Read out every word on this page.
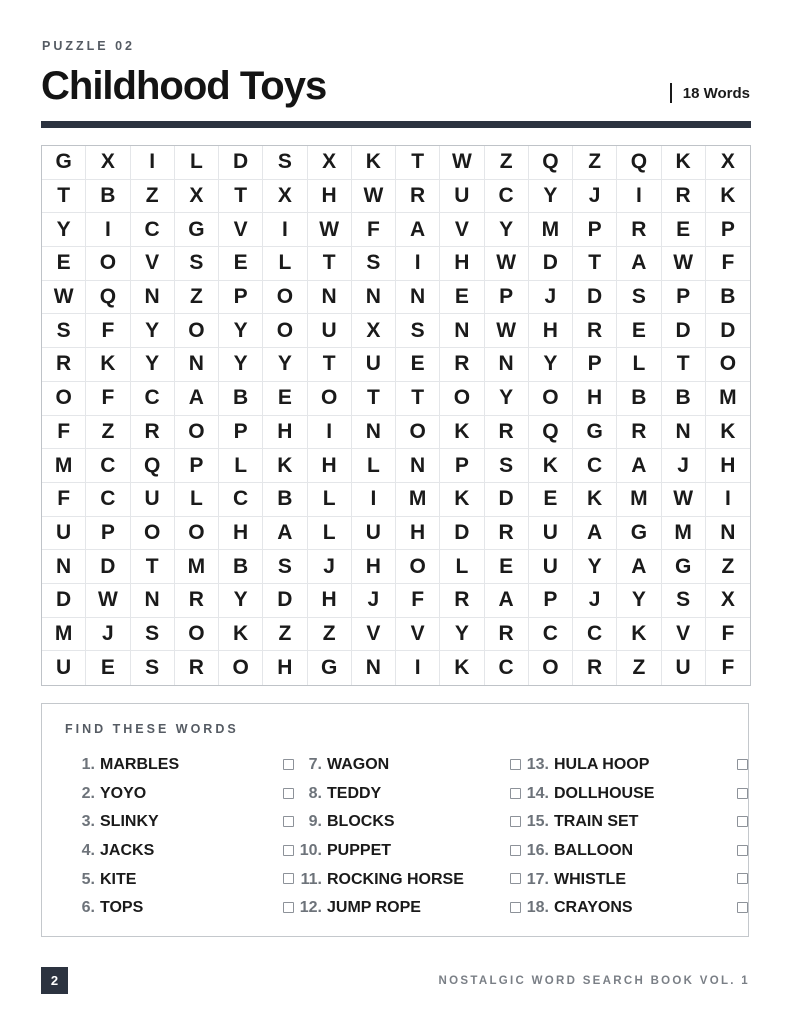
PUZZLE 02
Childhood Toys	18 Words
G	X	I	L	D	S	X	K	T	W	Z	Q	Z	Q	K	X
T	B	Z	X	T	X	H	W	R	U	C	Y	J	I	R	K
Y	I	C	G	V	I	W	F	A	V	Y	M	P	R	E	P
E	O	V	S	E	L	T	S	I	H	W	D	T	A	W	F
W	Q	N	Z	P	O	N	N	N	E	P	J	D	S	P	B
S	F	Y	O	Y	O	U	X	S	N	W	H	R	E	D	D
R	K	Y	N	Y	Y	T	U	E	R	N	Y	P	L	T	O
O	F	C	A	B	E	O	T	T	O	Y	O	H	B	B	M
F	Z	R	O	P	H	I	N	O	K	R	Q	G	R	N	K
M	C	Q	P	L	K	H	L	N	P	S	K	C	A	J	H
F	C	U	L	C	B	L	I	M	K	D	E	K	M	W	I
U	P	O	O	H	A	L	U	H	D	R	U	A	G	M	N
N	D	T	M	B	S	J	H	O	L	E	U	Y	A	G	Z
D	W	N	R	Y	D	H	J	F	R	A	P	J	Y	S	X
M	J	S	O	K	Z	Z	V	V	Y	R	C	C	K	V	F
U	E	S	R	O	H	G	N	I	K	C	O	R	Z	U	F
FIND THESE WORDS
1. MARBLES
2. YOYO
3. SLINKY
4. JACKS
5. KITE
6. TOPS
7. WAGON
8. TEDDY
9. BLOCKS
10. PUPPET
11. ROCKING HORSE
12. JUMP ROPE
13. HULA HOOP
14. DOLLHOUSE
15. TRAIN SET
16. BALLOON
17. WHISTLE
18. CRAYONS
2	NOSTALGIC WORD SEARCH BOOK VOL. 1
